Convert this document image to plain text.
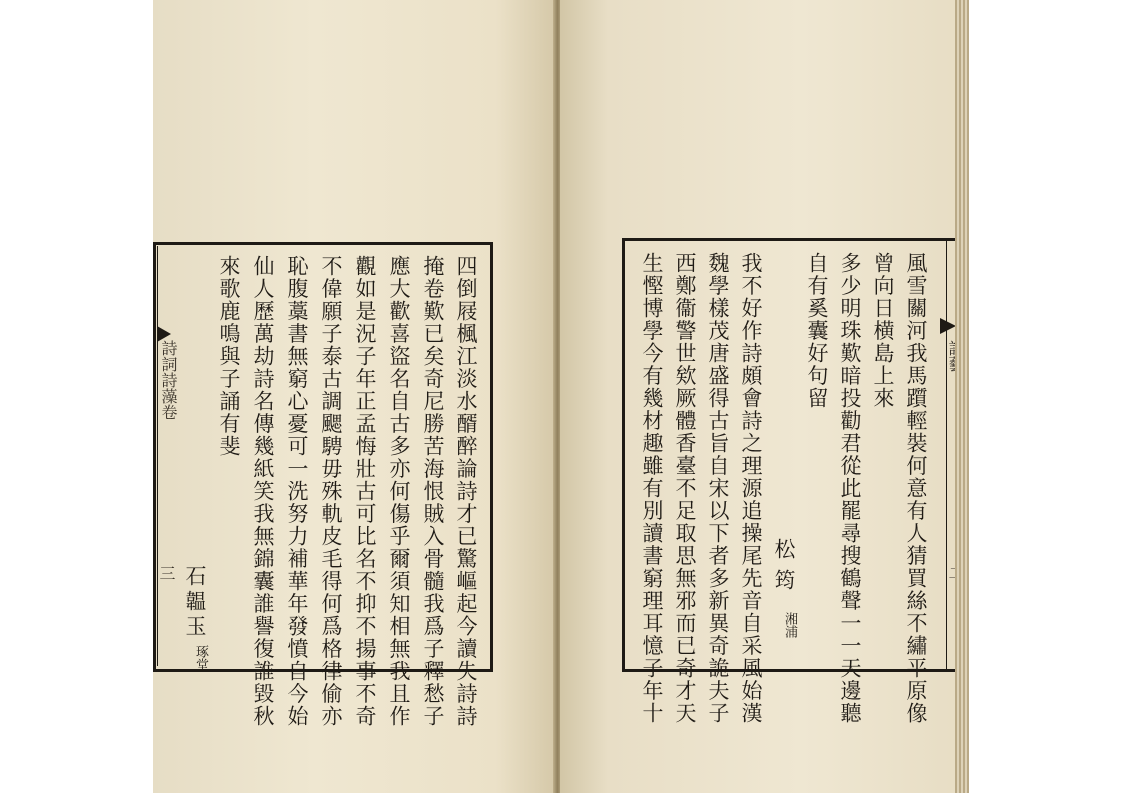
詩詞詩藻卷
三	四倒屐楓江淡水醑醉論詩才已驚嶇起今讀失詩詩
掩卷歎已矣奇尼勝苦海恨賊入骨髓我爲子釋愁子
應大歡喜盜名自古多亦何傷乎爾須知相無我且作
觀如是況子年正孟悔壯古可比名不抑不揚事不奇
不偉願子泰古調颸騁毋殊軌皮毛得何爲格律偷亦
恥腹藁書無窮心憂可一洗努力補華年發憤自今始
仙人歷萬劫詩名傳幾紙笑我無錦囊誰譽復誰毀秋
來歌鹿鳴與子誦有斐
石韞玉
琢堂	風雪關河我馬躓輕裝何意有人猜買絲不繡平原像
曾向日横島上來
多少明珠歎暗投勸君從此罷尋搜鶴聲一一天邊聽
自有奚囊好句留
松筠
湘浦
我不好作詩頗會詩之理源追操尾先音自采風始漢
魏學樣茂唐盛得古旨自宋以下者多新異奇詭夫子
西鄭衞警世欸厥體香臺不足取思無邪而已奇才天
生慳博學今有幾材趣雖有別讀書窮理耳憶子年十
